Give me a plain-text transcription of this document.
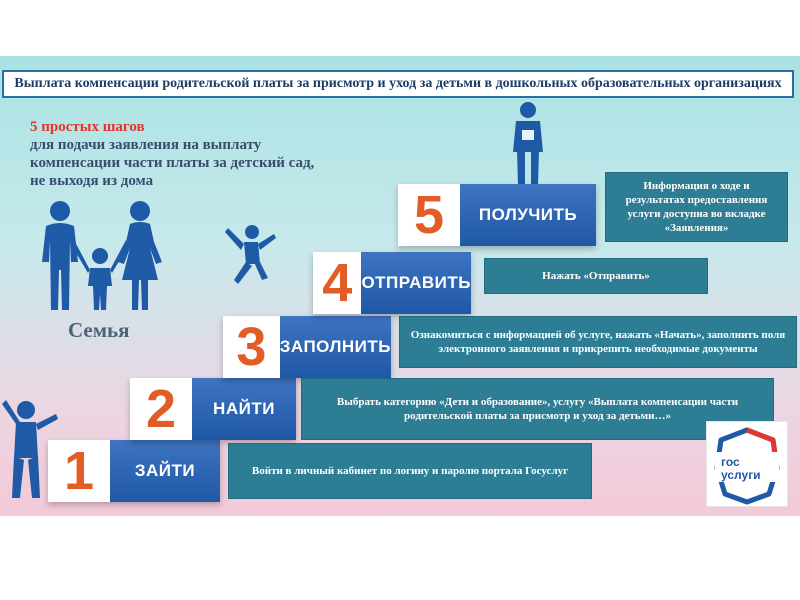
Выплата компенсации родительской платы за присмотр и уход за детьми в дошкольных образовательных организациях
5 простых шагов
для подачи заявления на выплату
компенсации части платы за детский сад,
не выходя из дома
Семья
1	ЗАЙТИ
2	НАЙТИ
3 ЗАПОЛНИТЬ
4 ОТПРАВИТЬ
5	ПОЛУЧИТЬ
Войти в личный кабинет по логину и паролю портала Госуслуг
Выбрать категорию «Дети и образование», услугу «Выплата компенсации части родительской платы за присмотр и уход за детьми…»
Ознакомиться с информацией об услуге, нажать «Начать», заполнить поля электронного заявления и прикрепить необходимые документы
Нажать «Отправить»
Информация о ходе и результатах предоставления услуги доступна во вкладке «Заявления»
гос
услуги
